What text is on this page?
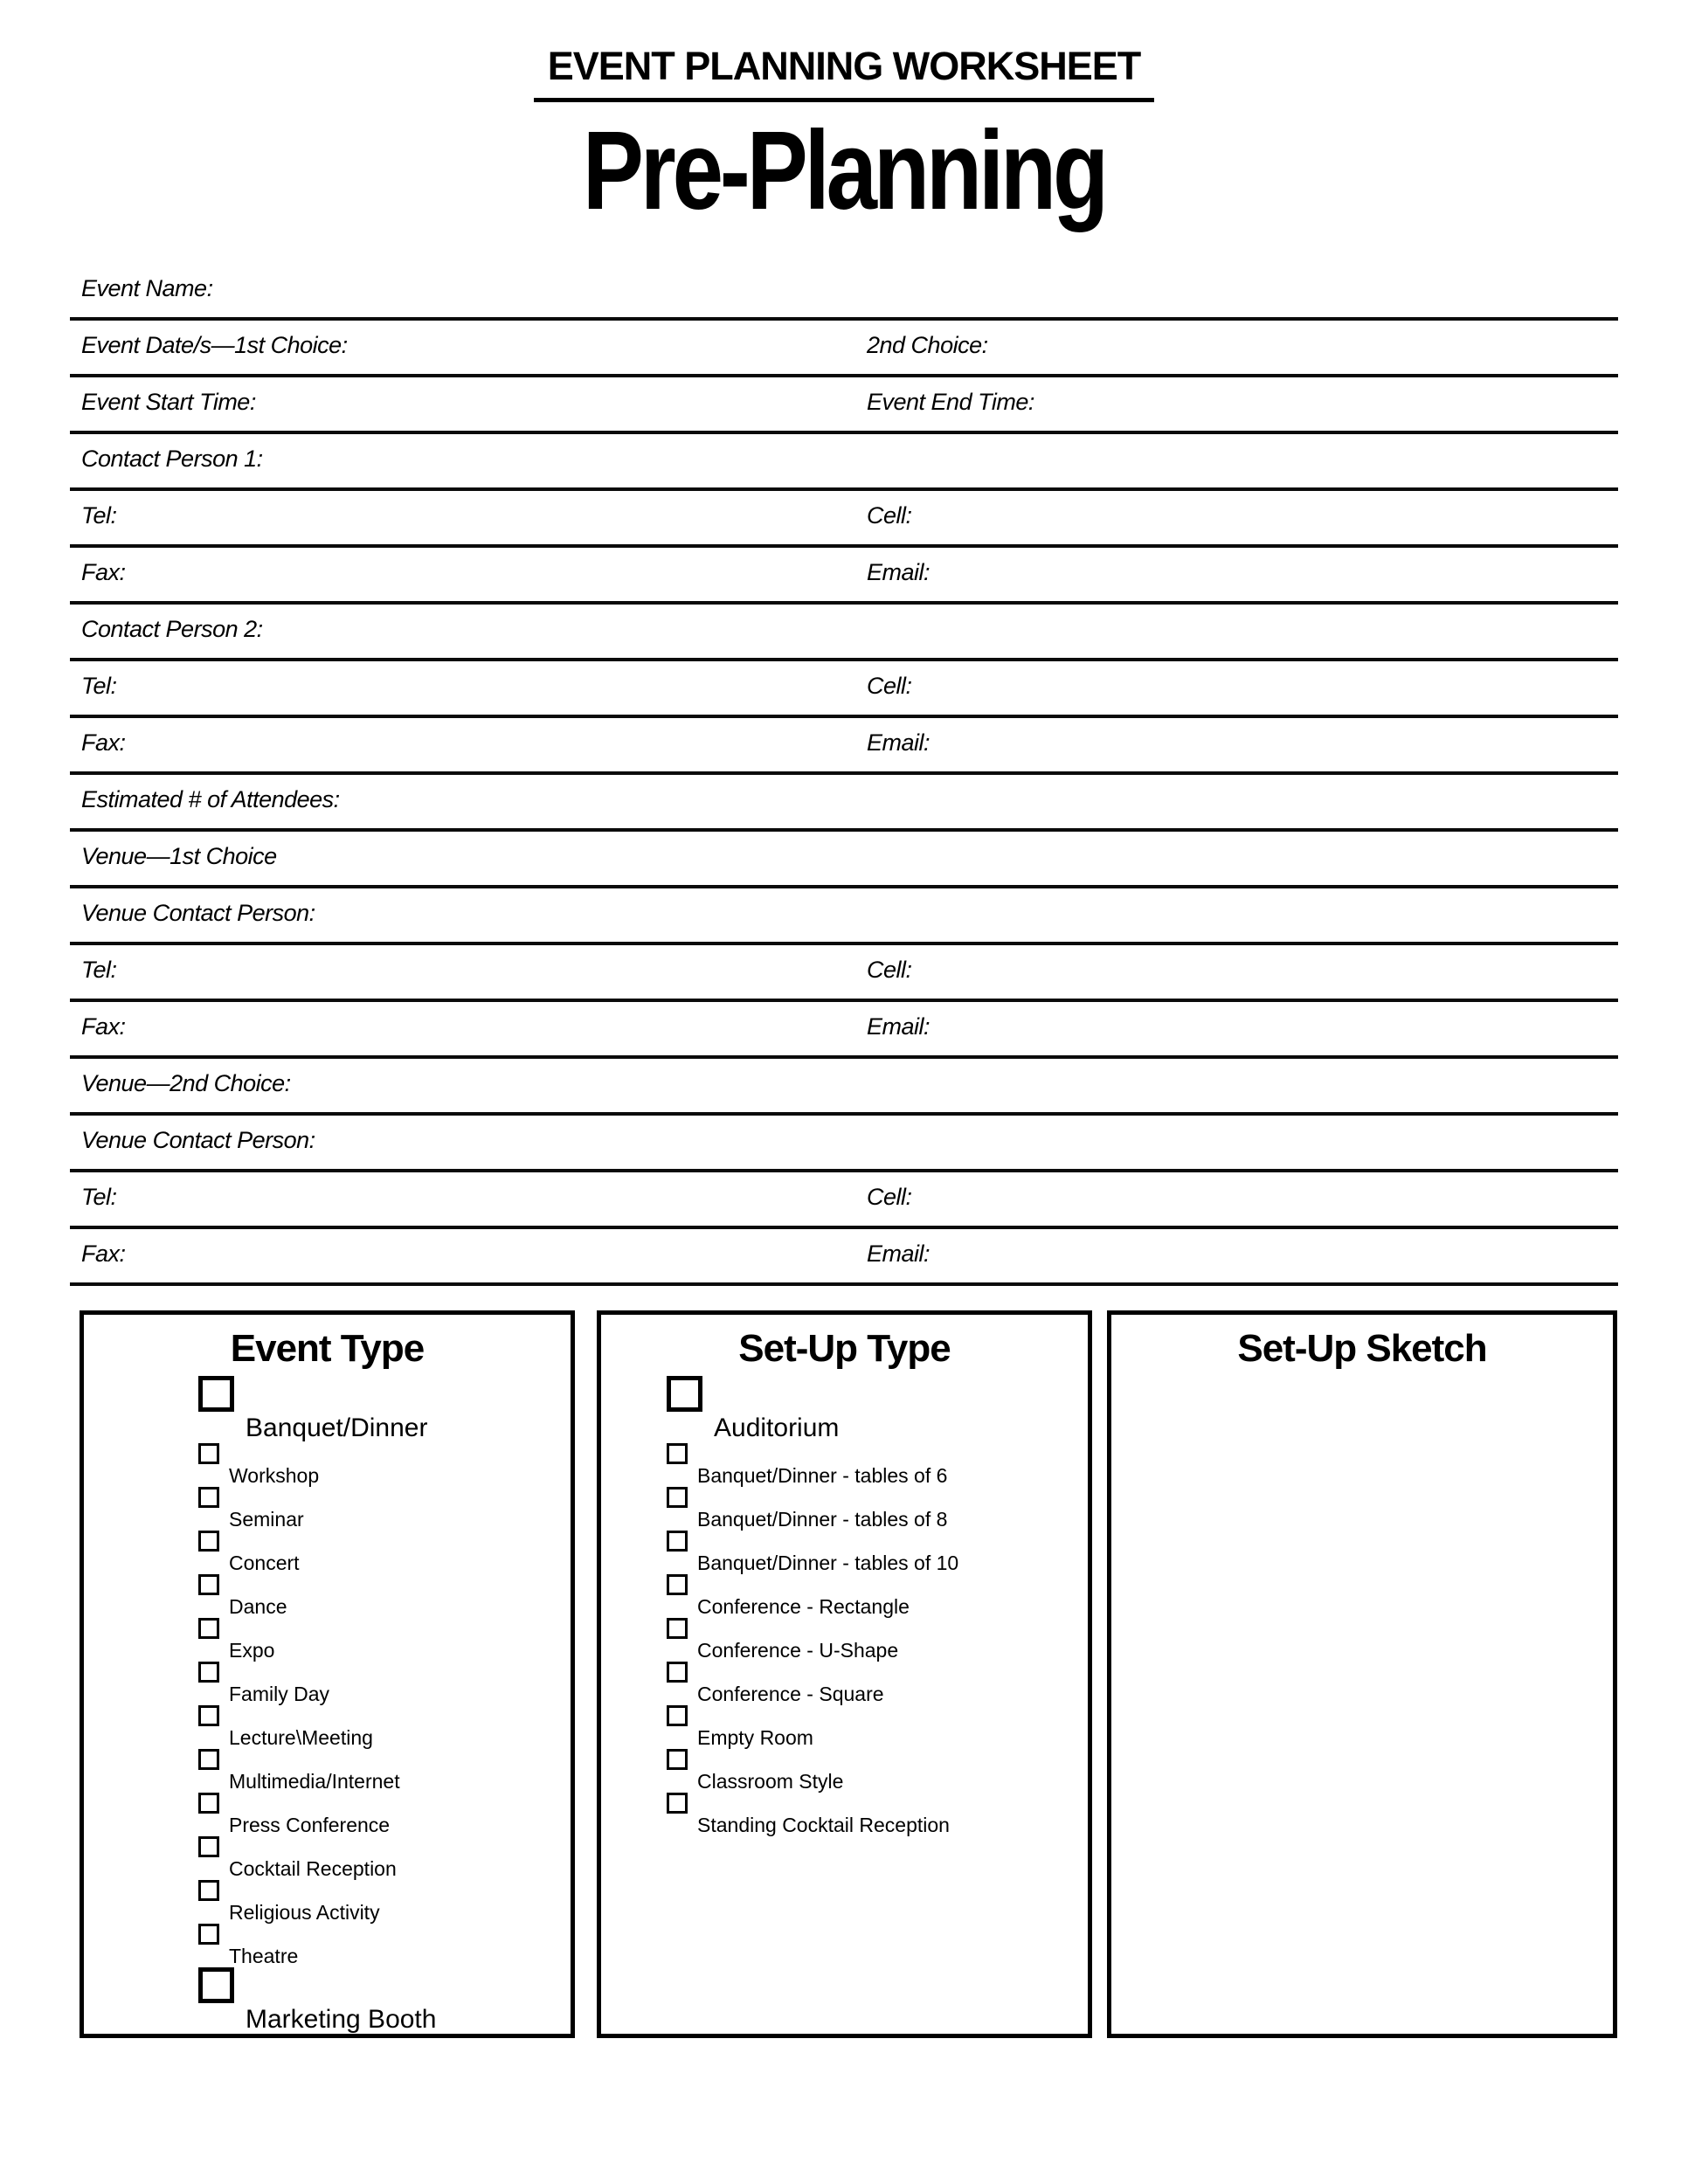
EVENT PLANNING WORKSHEET
Pre-Planning
Event Name:
Event Date/s—1st Choice:	2nd Choice:
Event Start Time:	Event End Time:
Contact Person 1:
Tel:	Cell:
Fax:	Email:
Contact Person 2:
Tel:	Cell:
Fax:	Email:
Estimated # of Attendees:
Venue—1st Choice
Venue Contact Person:
Tel:	Cell:
Fax:	Email:
Venue—2nd Choice:
Venue Contact Person:
Tel:	Cell:
Fax:	Email:
Event Type
Banquet/Dinner
Workshop
Seminar
Concert
Dance
Expo
Family Day
Lecture\Meeting
Multimedia/Internet
Press Conference
Cocktail Reception
Religious Activity
Theatre
Marketing Booth
Set-Up Type
Auditorium
Banquet/Dinner - tables of 6
Banquet/Dinner - tables of 8
Banquet/Dinner - tables of 10
Conference - Rectangle
Conference - U-Shape
Conference - Square
Empty Room
Classroom Style
Standing Cocktail Reception
Set-Up Sketch
